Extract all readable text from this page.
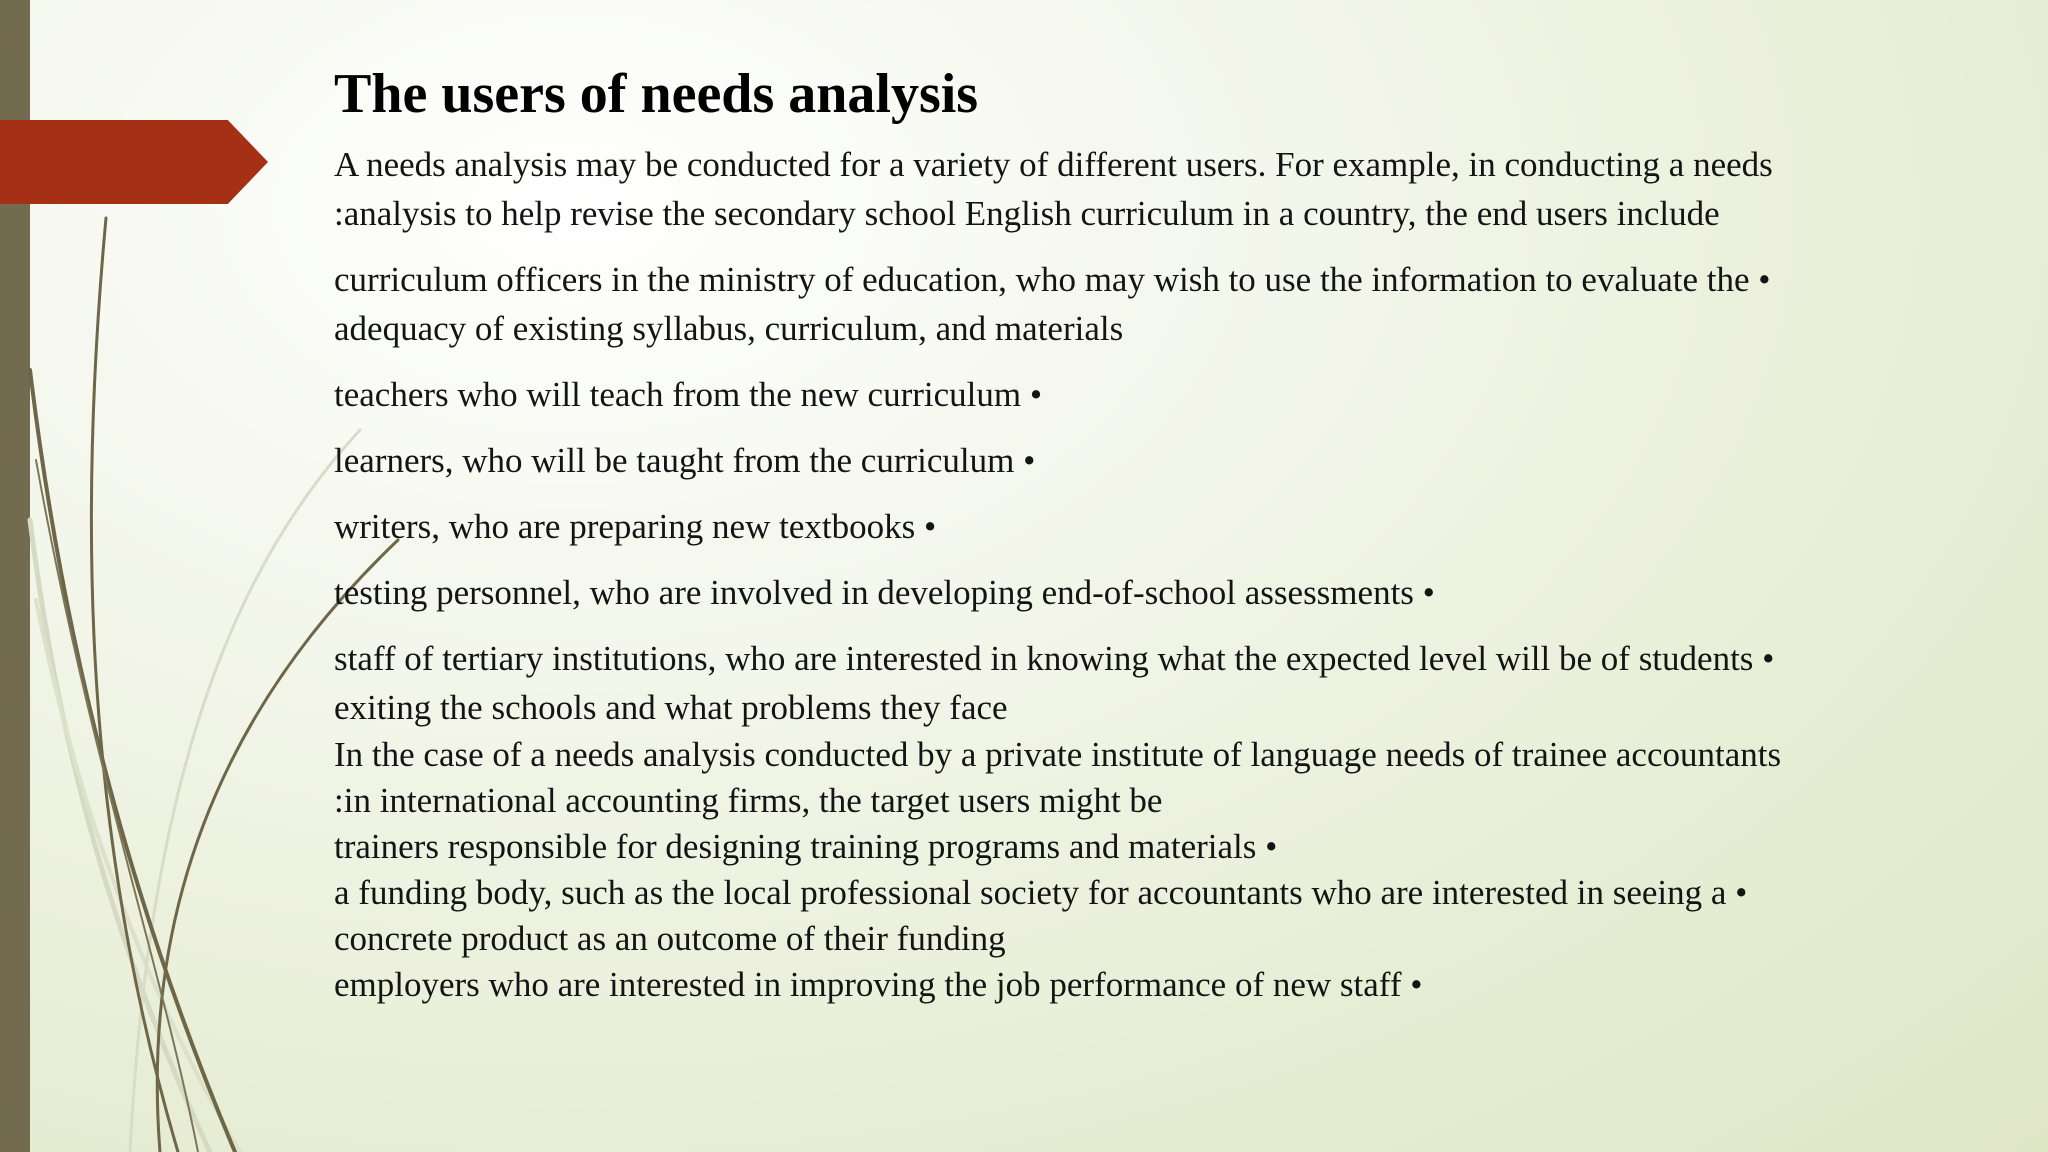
The users of needs analysis

A needs analysis may be conducted for a variety of different users. For example, in conducting a needs
:analysis to help revise the secondary school English curriculum in a country, the end users include

curriculum officers in the ministry of education, who may wish to use the information to evaluate the •
adequacy of existing syllabus, curriculum, and materials

teachers who will teach from the new curriculum •

learners, who will be taught from the curriculum •

writers, who are preparing new textbooks •

testing personnel, who are involved in developing end-of-school assessments •

staff of tertiary institutions, who are interested in knowing what the expected level will be of students •
exiting the schools and what problems they face

In the case of a needs analysis conducted by a private institute of language needs of trainee accountants
:in international accounting firms, the target users might be

trainers responsible for designing training programs and materials •

a funding body, such as the local professional society for accountants who are interested in seeing a •
concrete product as an outcome of their funding

employers who are interested in improving the job performance of new staff •
